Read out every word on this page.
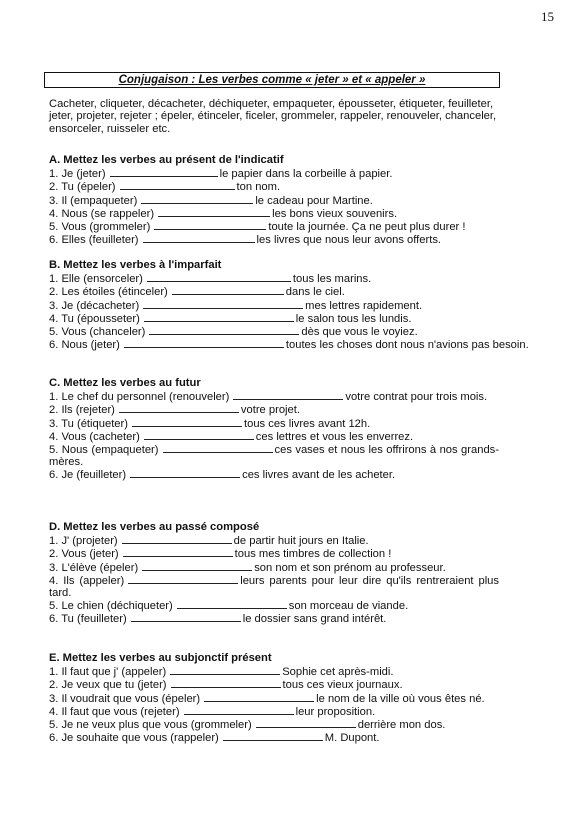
15
Conjugaison : Les verbes comme « jeter » et « appeler »
Cacheter, cliqueter, décacheter, déchiqueter, empaqueter, épousseter, étiqueter, feuilleter, jeter, projeter, rejeter ; épeler, étinceler, ficeler, grommeler, rappeler, renouveler, chanceler, ensorceler, ruisseler etc.
A. Mettez les verbes au présent de l'indicatif
1. Je (jeter)	le papier dans la corbeille à papier.
2. Tu (épeler)	ton nom.
3. Il (empaqueter)	le cadeau pour Martine.
4. Nous (se rappeler)	les bons vieux souvenirs.
5. Vous (grommeler)	toute la journée. Ça ne peut plus durer !
6. Elles (feuilleter)	les livres que nous leur avons offerts.
B. Mettez les verbes à l'imparfait
1. Elle (ensorceler)	tous les marins.
2. Les étoiles (étinceler)	dans le ciel.
3. Je (décacheter)	mes lettres rapidement.
4. Tu (épousseter)	le salon tous les lundis.
5. Vous (chanceler)	dès que vous le voyiez.
6. Nous (jeter)	toutes les choses dont nous n'avions pas besoin.
C. Mettez les verbes au futur
1. Le chef du personnel (renouveler)	votre contrat pour trois mois.
2. Ils (rejeter)	votre projet.
3. Tu (étiqueter)	tous ces livres avant 12h.
4. Vous (cacheter)	ces lettres et vous les enverrez.
5. Nous (empaqueter)	ces vases et nous les offrirons à nos grands-mères.
6. Je (feuilleter)	ces livres avant de les acheter.
D. Mettez les verbes au passé composé
1. J' (projeter)	de partir huit jours en Italie.
2. Vous (jeter)	tous mes timbres de collection !
3. L'élève (épeler)	son nom et son prénom au professeur.
4. Ils (appeler)	leurs parents pour leur dire qu'ils rentreraient plus tard.
5. Le chien (déchiqueter)	son morceau de viande.
6. Tu (feuilleter)	le dossier sans grand intérêt.
E. Mettez les verbes au subjonctif présent
1. Il faut que j' (appeler)	Sophie cet après-midi.
2. Je veux que tu (jeter)	tous ces vieux journaux.
3. Il voudrait que vous (épeler)	le nom de la ville où vous êtes né.
4. Il faut que vous (rejeter)	leur proposition.
5. Je ne veux plus que vous (grommeler)	derrière mon dos.
6. Je souhaite que vous (rappeler)	M. Dupont.
